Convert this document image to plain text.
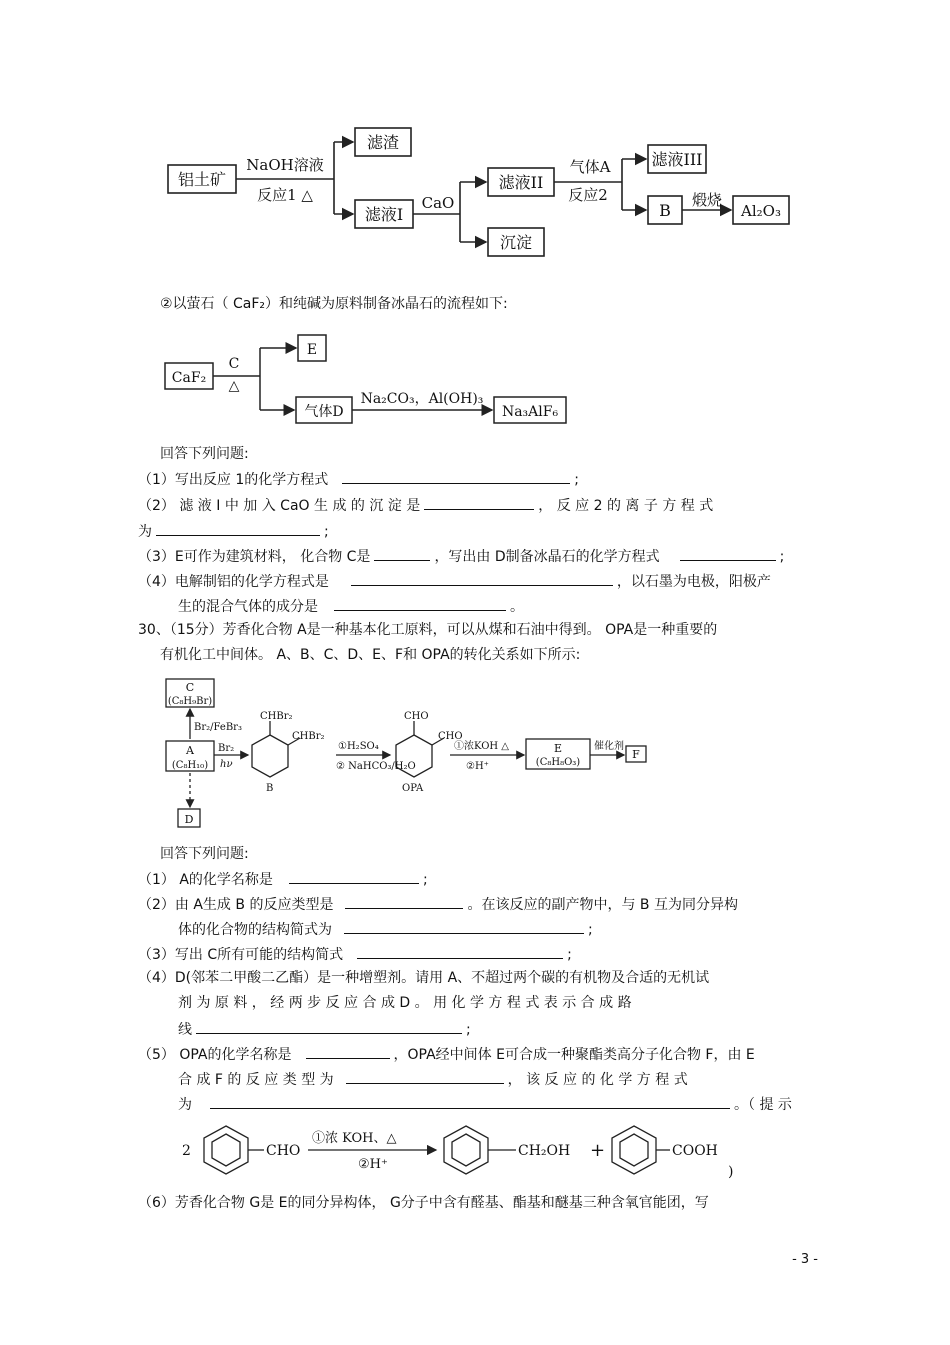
铝土矿
NaOH溶液
反应1 △
滤渣
滤液I
CaO
滤液II
沉淀
气体A
反应2
滤液III
B
煅烧
Al₂O₃
②以萤石（ CaF₂）和纯碱为原料制备冰晶石的流程如下:
CaF₂
C
△
E
气体D
Na₂CO₃，Al(OH)₃
Na₃AlF₆
回答下列问题:
（1）写出反应 1的化学方程式	;
（2） 滤 液 I 中 加 入 CaO 生 成 的 沉 淀 是	， 反 应 2 的 离 子 方 程 式
为	;
（3）E可作为建筑材料， 化合物 C是	，写出由 D制备冰晶石的化学方程式	;
（4）电解制铝的化学方程式是	，以石墨为电极，阳极产
生的混合气体的成分是	。
30、（15分）芳香化合物 A是一种基本化工原料，可以从煤和石油中得到。 OPA是一种重要的
有机化工中间体。 A、B、C、D、E、F和 OPA的转化关系如下所示:
C
(C₈H₉Br)
Br₂/FeBr₃
A
(C₈H₁₀)
Br₂
hν
CHBr₂
CHBr₂
B
①H₂SO₄
② NaHCO₃/H₂O
CHO
CHO
OPA
①浓KOH △
②H⁺
E
(C₈H₈O₃)
催化剂
F
D
回答下列问题:
（1） A的化学名称是	;
（2）由 A生成 B 的反应类型是	。在该反应的副产物中，与 B 互为同分异构
体的化合物的结构简式为	;
（3）写出 C所有可能的结构简式	;
（4）D(邻苯二甲酸二乙酯）是一种增塑剂。请用 A、不超过两个碳的有机物及合适的无机试
剂 为 原 料 ， 经 两 步 反 应 合 成 D 。 用 化 学 方 程 式 表 示 合 成 路
线	;
（5） OPA的化学名称是	，OPA经中间体 E可合成一种聚酯类高分子化合物 F，由 E
合 成 F 的 反 应 类 型 为	， 该 反 应 的 化 学 方 程 式
为	。（ 提 示
2	CHO
①浓 KOH、△
②H⁺
CH₂OH +	COOH
)
（6）芳香化合物 G是 E的同分异构体， G分子中含有醛基、酯基和醚基三种含氧官能团，写
- 3 -
